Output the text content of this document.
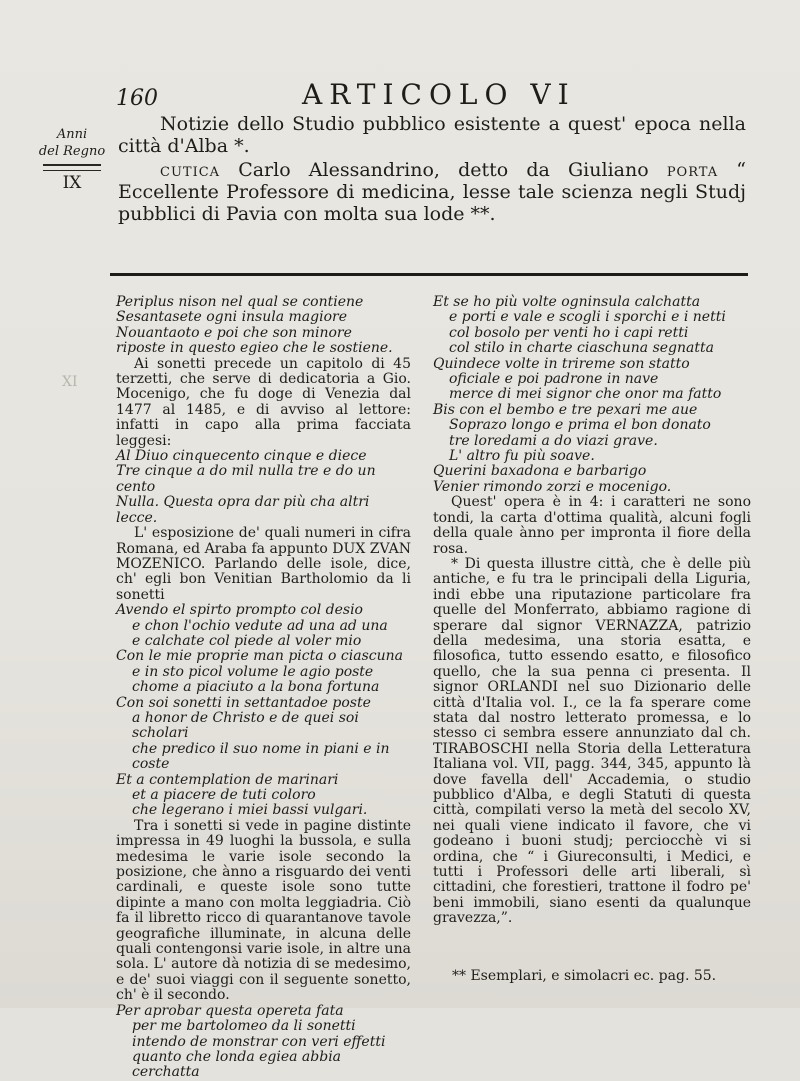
160	ARTICOLO VI
Anni
del Regno
IX
XI

Notizie dello Studio pubblico esistente a quest' epoca nella città d'Alba *.

cutica Carlo Alessandrino, detto da Giuliano porta “ Eccellente Professore di medicina, lesse tale scienza negli Studj pubblici di Pavia con molta sua lode **.

Periplus nison nel qual se contiene

Sesantasete ogni insula magiore

Nouantaoto e poi che son minore

riposte in questo egieo che le sostiene.

Ai sonetti precede un capitolo di 45 terzetti, che serve di dedicatoria a Gio. Mocenigo, che fu doge di Venezia dal 1477 al 1485, e di avviso al lettore: infatti in capo alla prima facciata leggesi:

Al Diuo cinquecento cinque e diece

Tre cinque a do mil nulla tre e do un cento

Nulla. Questa opra dar più cha altri lecce.

L' esposizione de' quali numeri in cifra Romana, ed Araba fa appunto DUX ZVAN MOZENICO. Parlando delle isole, dice, ch' egli bon Venitian Bartholomio da li sonetti

Avendo el spirto prompto col desio

e chon l'ochio vedute ad una ad una

e calchate col piede al voler mio

Con le mie proprie man picta o ciascuna

e in sto picol volume le agio poste

chome a piaciuto a la bona fortuna

Con soi sonetti in settantadoe poste

a honor de Christo e de quei soi scholari

che predico il suo nome in piani e in coste

Et a contemplation de marinari

et a piacere de tuti coloro

che legerano i miei bassi vulgari.

Tra i sonetti si vede in pagine distinte impressa in 49 luoghi la bussola, e sulla medesima le varie isole secondo la posizione, che ànno a risguardo dei venti cardinali, e queste isole sono tutte dipinte a mano con molta leggiadria. Ciò fa il libretto ricco di quarantanove tavole geografiche illuminate, in alcuna delle quali contengonsi varie isole, in altre una sola. L' autore dà notizia di se medesimo, e de' suoi viaggi con il seguente sonetto, ch' è il secondo.

Per aprobar questa opereta fata

per me bartolomeo da li sonetti

intendo de monstrar con veri effetti

quanto che londa egiea abbia cerchatta

Et se ho più volte ogninsula calchatta

e porti e vale e scogli i sporchi e i netti

col bosolo per venti ho i capi retti

col stilo in charte ciaschuna segnatta

Quindece volte in trireme son statto

oficiale e poi padrone in nave

merce di mei signor che onor ma fatto

Bis con el bembo e tre pexari me aue

Soprazo longo e prima el bon donato

tre loredami a do viazi grave.

L' altro fu più soave.

Querini baxadona e barbarigo

Venier rimondo zorzi e mocenigo.

Quest' opera è in 4: i caratteri ne sono tondi, la carta d'ottima qualità, alcuni fogli della quale ànno per impronta il fiore della rosa.

* Di questa illustre città, che è delle più antiche, e fu tra le principali della Liguria, indi ebbe una riputazione particolare fra quelle del Monferrato, abbiamo ragione di sperare dal signor VERNAZZA, patrizio della medesima, una storia esatta, e filosofica, tutto essendo esatto, e filosofico quello, che la sua penna ci presenta. Il signor ORLANDI nel suo Dizionario delle città d'Italia vol. I., ce la fa sperare come stata dal nostro letterato promessa, e lo stesso ci sembra essere annunziato dal ch. TIRABOSCHI nella Storia della Letteratura Italiana vol. VII, pagg. 344, 345, appunto là dove favella dell' Accademia, o studio pubblico d'Alba, e degli Statuti di questa città, compilati verso la metà del secolo XV, nei quali viene indicato il favore, che vi godeano i buoni studj; perciocchè vi si ordina, che “ i Giureconsulti, i Medici, e tutti i Professori delle arti liberali, sì cittadini, che forestieri, trattone il fodro pe' beni immobili, siano esenti da qualunque gravezza,”.

** Esemplari, e simolacri ec. pag. 55.
